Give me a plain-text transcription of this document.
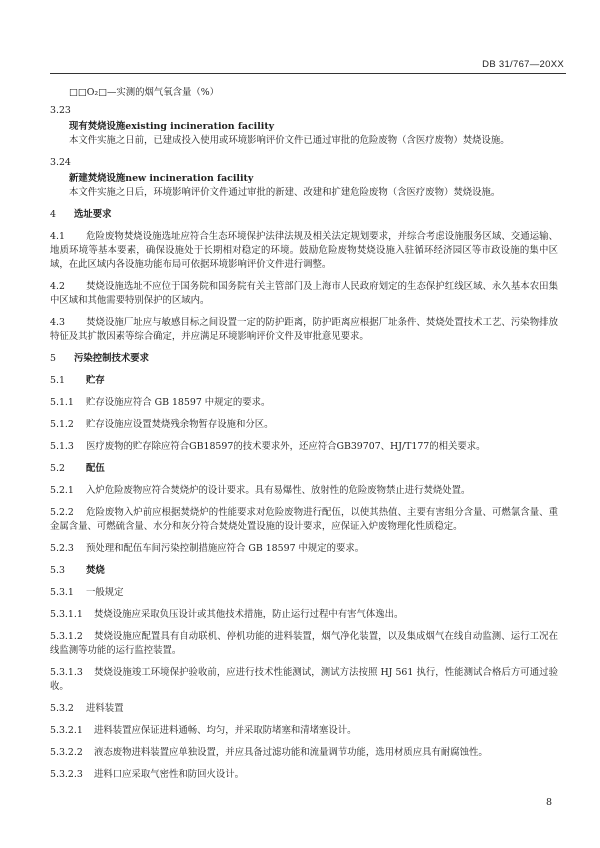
DB 31/767—20XX

□□O₂□—实测的烟气氧含量（%）

3.23
现有焚烧设施existing incineration facility

本文件实施之日前，已建成投入使用或环境影响评价文件已通过审批的危险废物（含医疗废物）焚烧设施。

3.24
新建焚烧设施new incineration facility

本文件实施之日后，环境影响评价文件通过审批的新建、改建和扩建危险废物（含医疗废物）焚烧设施。

4 选址要求

4.1 危险废物焚烧设施选址应符合生态环境保护法律法规及相关法定规划要求，并综合考虑设施服务区域、交通运输、地质环境等基本要素，确保设施处于长期相对稳定的环境。鼓励危险废物焚烧设施入驻循环经济园区等市政设施的集中区域，在此区域内各设施功能布局可依据环境影响评价文件进行调整。

4.2 焚烧设施选址不应位于国务院和国务院有关主管部门及上海市人民政府划定的生态保护红线区域、永久基本农田集中区域和其他需要特别保护的区域内。

4.3 焚烧设施厂址应与敏感目标之间设置一定的防护距离，防护距离应根据厂址条件、焚烧处置技术工艺、污染物排放特征及其扩散因素等综合确定，并应满足环境影响评价文件及审批意见要求。

5 污染控制技术要求

5.1 贮存

5.1.1 贮存设施应符合 GB 18597 中规定的要求。

5.1.2 贮存设施应设置焚烧残余物暂存设施和分区。

5.1.3 医疗废物的贮存除应符合GB18597的技术要求外，还应符合GB39707、HJ/T177的相关要求。

5.2 配伍

5.2.1 入炉危险废物应符合焚烧炉的设计要求。具有易爆性、放射性的危险废物禁止进行焚烧处置。

5.2.2 危险废物入炉前应根据焚烧炉的性能要求对危险废物进行配伍，以使其热值、主要有害组分含量、可燃氯含量、重金属含量、可燃硫含量、水分和灰分符合焚烧处置设施的设计要求，应保证入炉废物理化性质稳定。

5.2.3 预处理和配伍车间污染控制措施应符合 GB 18597 中规定的要求。

5.3 焚烧

5.3.1 一般规定

5.3.1.1 焚烧设施应采取负压设计或其他技术措施，防止运行过程中有害气体逸出。

5.3.1.2 焚烧设施应配置具有自动联机、停机功能的进料装置，烟气净化装置，以及集成烟气在线自动监测、运行工况在线监测等功能的运行监控装置。

5.3.1.3 焚烧设施竣工环境保护验收前，应进行技术性能测试，测试方法按照 HJ 561 执行，性能测试合格后方可通过验收。

5.3.2 进料装置

5.3.2.1 进料装置应保证进料通畅、均匀，并采取防堵塞和清堵塞设计。

5.3.2.2 液态废物进料装置应单独设置，并应具备过滤功能和流量调节功能，选用材质应具有耐腐蚀性。

5.3.2.3 进料口应采取气密性和防回火设计。

8
